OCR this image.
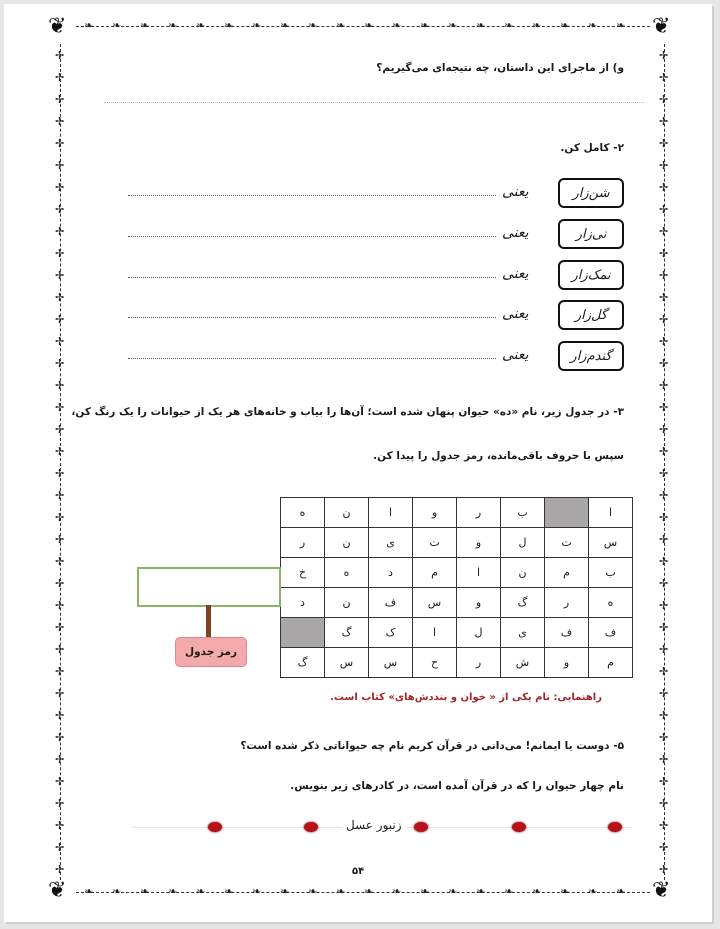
❦	❦
❦	❦
❧ ❧ ❧ ❧ ❧ ❧ ❧ ❧ ❧ ❧ ❧ ❧ ❧ ❧ ❧ ❧ ❧ ❧ ❧ ❧
❧ ❧ ❧ ❧ ❧ ❧ ❧ ❧ ❧ ❧ ❧ ❧ ❧ ❧ ❧ ❧ ❧ ❧ ❧ ❧
✢
✢
✢
✢
✢
✢
✢
✢
✢
✢
✢
✢
✢
✢
✢
✢
✢
✢
✢
✢
✢
✢
✢
✢
✢
✢
✢
✢
✢
✢
✢
✢
✢
✢
✢
✢
✢
✢
✢
✢
✢
✢
✢
✢
✢
✢
✢
✢
✢
✢
✢
✢
✢
✢
✢
✢
✢
✢
✢
✢
✢
✢
✢
✢
✢
✢
✢
✢
✢
✢
✢
✢
✢
✢
✢
✢
و) از ماجرای این داستان، چه نتیجه‌ای می‌گیریم؟
۲- کامل کن.
شن‌زار
یعنی
نی‌زار
یعنی
نمک‌زار
یعنی
گل‌زار
یعنی
گندم‌زار
یعنی
۳- در جدول زیر، نام «ده» حیوان پنهان شده است؛ آن‌ها را بیاب و خانه‌های هر یک از حیوانات را یک رنگ کن،
سپس با حروف باقی‌مانده، رمز جدول را پیدا کن.
ا		ب	ر	و	ا	ن	ه
س	ت	ل	و	ت	ی	ن	ر
ب	م	ن	ا	م	د	ه	خ
ه	ر	گ	و	س	ف	ن	د
ف	ف	ی	ل	ا	ک	گ	
م	و	ش	ر	ح	س	س	گ
رمز جدول
راهنمایی: نام یکی از « خوان و بنددش‌های» کتاب است.
۵- دوست یا ایمانم! می‌دانی در قرآن کریم نام چه حیواناتی ذکر شده است؟
نام چهار حیوان را که در قرآن آمده است، در کادرهای زیر بنویس.
زنبور عسل
۵۴
